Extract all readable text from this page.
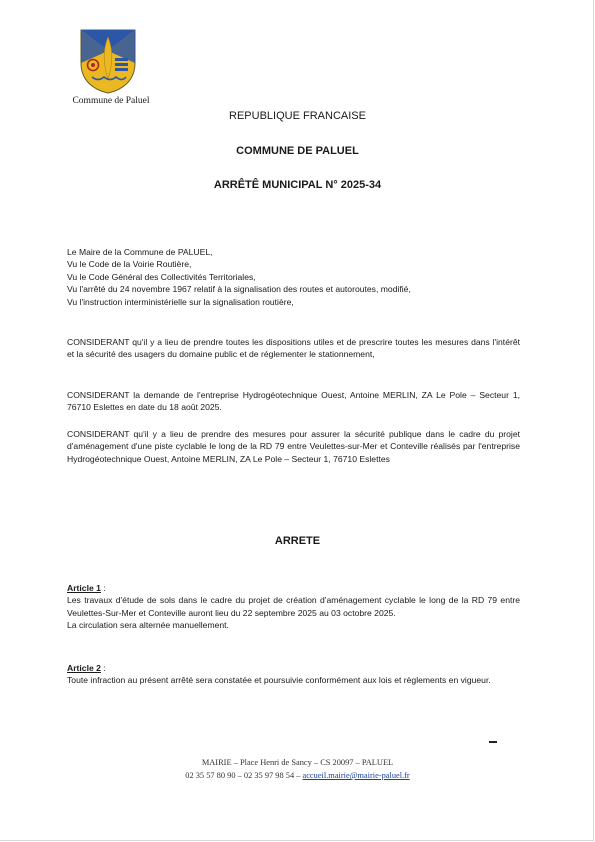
Commune de Paluel
REPUBLIQUE FRANCAISE
COMMUNE DE PALUEL
ARRÊTÊ MUNICIPAL N° 2025-34
Le Maire de la Commune de PALUEL,
Vu le Code de la Voirie Routière,
Vu le Code Général des Collectivités Territoriales,
Vu l'arrêté du 24 novembre 1967 relatif à la signalisation des routes et autoroutes, modifié,
Vu l'instruction interministérielle sur la signalisation routière,

CONSIDERANT qu'il y a lieu de prendre toutes les dispositions utiles et de prescrire toutes les mesures dans l'intérêt et la sécurité des usagers du domaine public et de réglementer le stationnement,

CONSIDERANT la demande de l'entreprise Hydrogéotechnique Ouest, Antoine MERLIN, ZA Le Pole – Secteur 1, 76710 Eslettes en date du 18 août 2025.

CONSIDERANT qu'il y a lieu de prendre des mesures pour assurer la sécurité publique dans le cadre du projet d'aménagement d'une piste cyclable le long de la RD 79 entre Veulettes-sur-Mer et Conteville réalisés par l'entreprise Hydrogéotechnique Ouest, Antoine MERLIN, ZA Le Pole – Secteur 1, 76710 Eslettes

ARRETE
Article 1 :

Les travaux d'étude de sols dans le cadre du projet de création d'aménagement cyclable le long de la RD 79 entre Veulettes-Sur-Mer et Conteville auront lieu du 22 septembre 2025 au 03 octobre 2025.

La circulation sera alternée manuellement.

Article 2 :

Toute infraction au présent arrêté sera constatée et poursuivie conformément aux lois et règlements en vigueur.

MAIRIE – Place Henri de Sancy – CS 20097 – PALUEL
02 35 57 80 90 – 02 35 97 98 54 – accueil.mairie@mairie-paluel.fr
